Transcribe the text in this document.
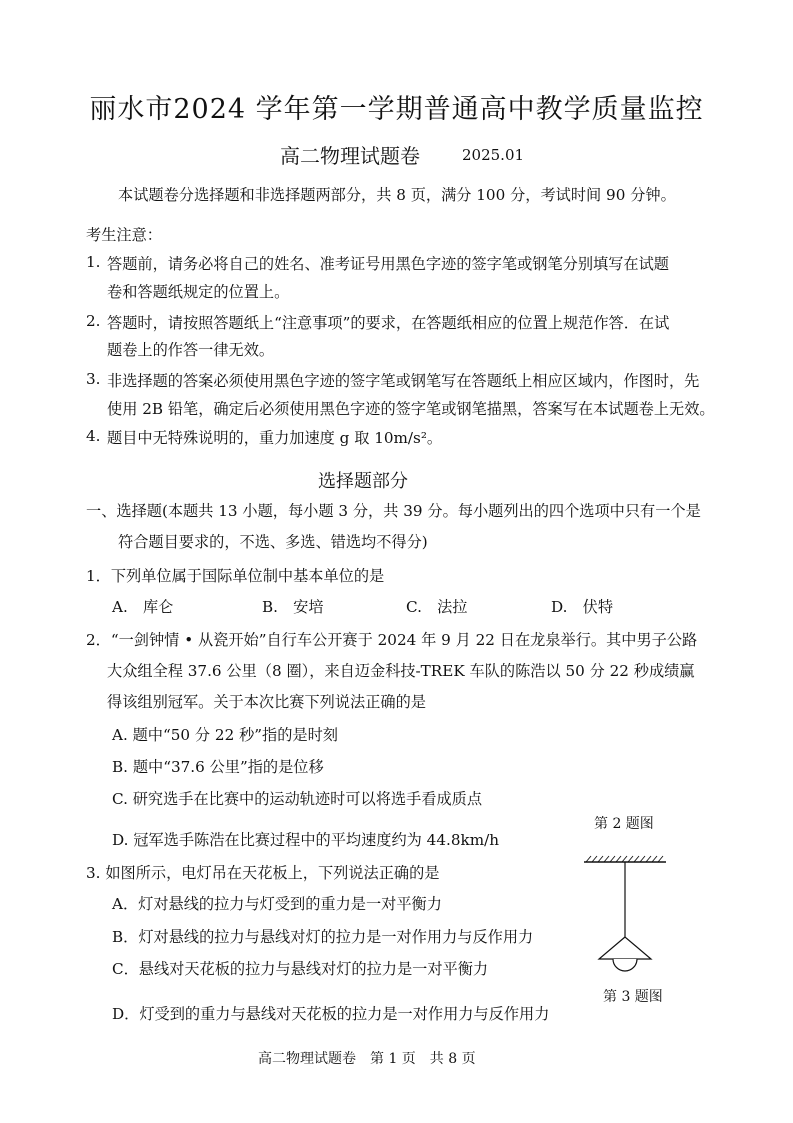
丽水市2024 学年第一学期普通高中教学质量监控
高二物理试题卷	2025.01
本试题卷分选择题和非选择题两部分，共 8 页，满分 100 分，考试时间 90 分钟。
考生注意：
1. 答题前，请务必将自己的姓名、准考证号用黑色字迹的签字笔或钢笔分别填写在试题
卷和答题纸规定的位置上。
2. 答题时，请按照答题纸上“注意事项”的要求，在答题纸相应的位置上规范作答．在试
题卷上的作答一律无效。
3. 非选择题的答案必须使用黑色字迹的签字笔或钢笔写在答题纸上相应区域内，作图时，先
使用 2B 铅笔，确定后必须使用黑色字迹的签字笔或钢笔描黑，答案写在本试题卷上无效。
4. 题目中无特殊说明的，重力加速度 g 取 10m/s²。
选择题部分
一、选择题(本题共 13 小题，每小题 3 分，共 39 分。每小题列出的四个选项中只有一个是
符合题目要求的，不选、多选、错选均不得分)
1．下列单位属于国际单位制中基本单位的是
A.　库仑	B.　安培	C.　法拉	D.　伏特
2．“一剑钟情 • 从瓷开始”自行车公开赛于 2024 年 9 月 22 日在龙泉举行。其中男子公路
大众组全程 37.6 公里（8 圈），来自迈金科技-TREK 车队的陈浩以 50 分 22 秒成绩赢
得该组别冠军。关于本次比赛下列说法正确的是
A. 题中“50 分 22 秒”指的是时刻
B. 题中“37.6 公里”指的是位移
C. 研究选手在比赛中的运动轨迹时可以将选手看成质点
D. 冠军选手陈浩在比赛过程中的平均速度约为 44.8km/h
第 2 题图
3. 如图所示，电灯吊在天花板上，下列说法正确的是
A．灯对悬线的拉力与灯受到的重力是一对平衡力
B．灯对悬线的拉力与悬线对灯的拉力是一对作用力与反作用力
C．悬线对天花板的拉力与悬线对灯的拉力是一对平衡力
D．灯受到的重力与悬线对天花板的拉力是一对作用力与反作用力
第 3 题图
高二物理试题卷　第 1 页　共 8 页
